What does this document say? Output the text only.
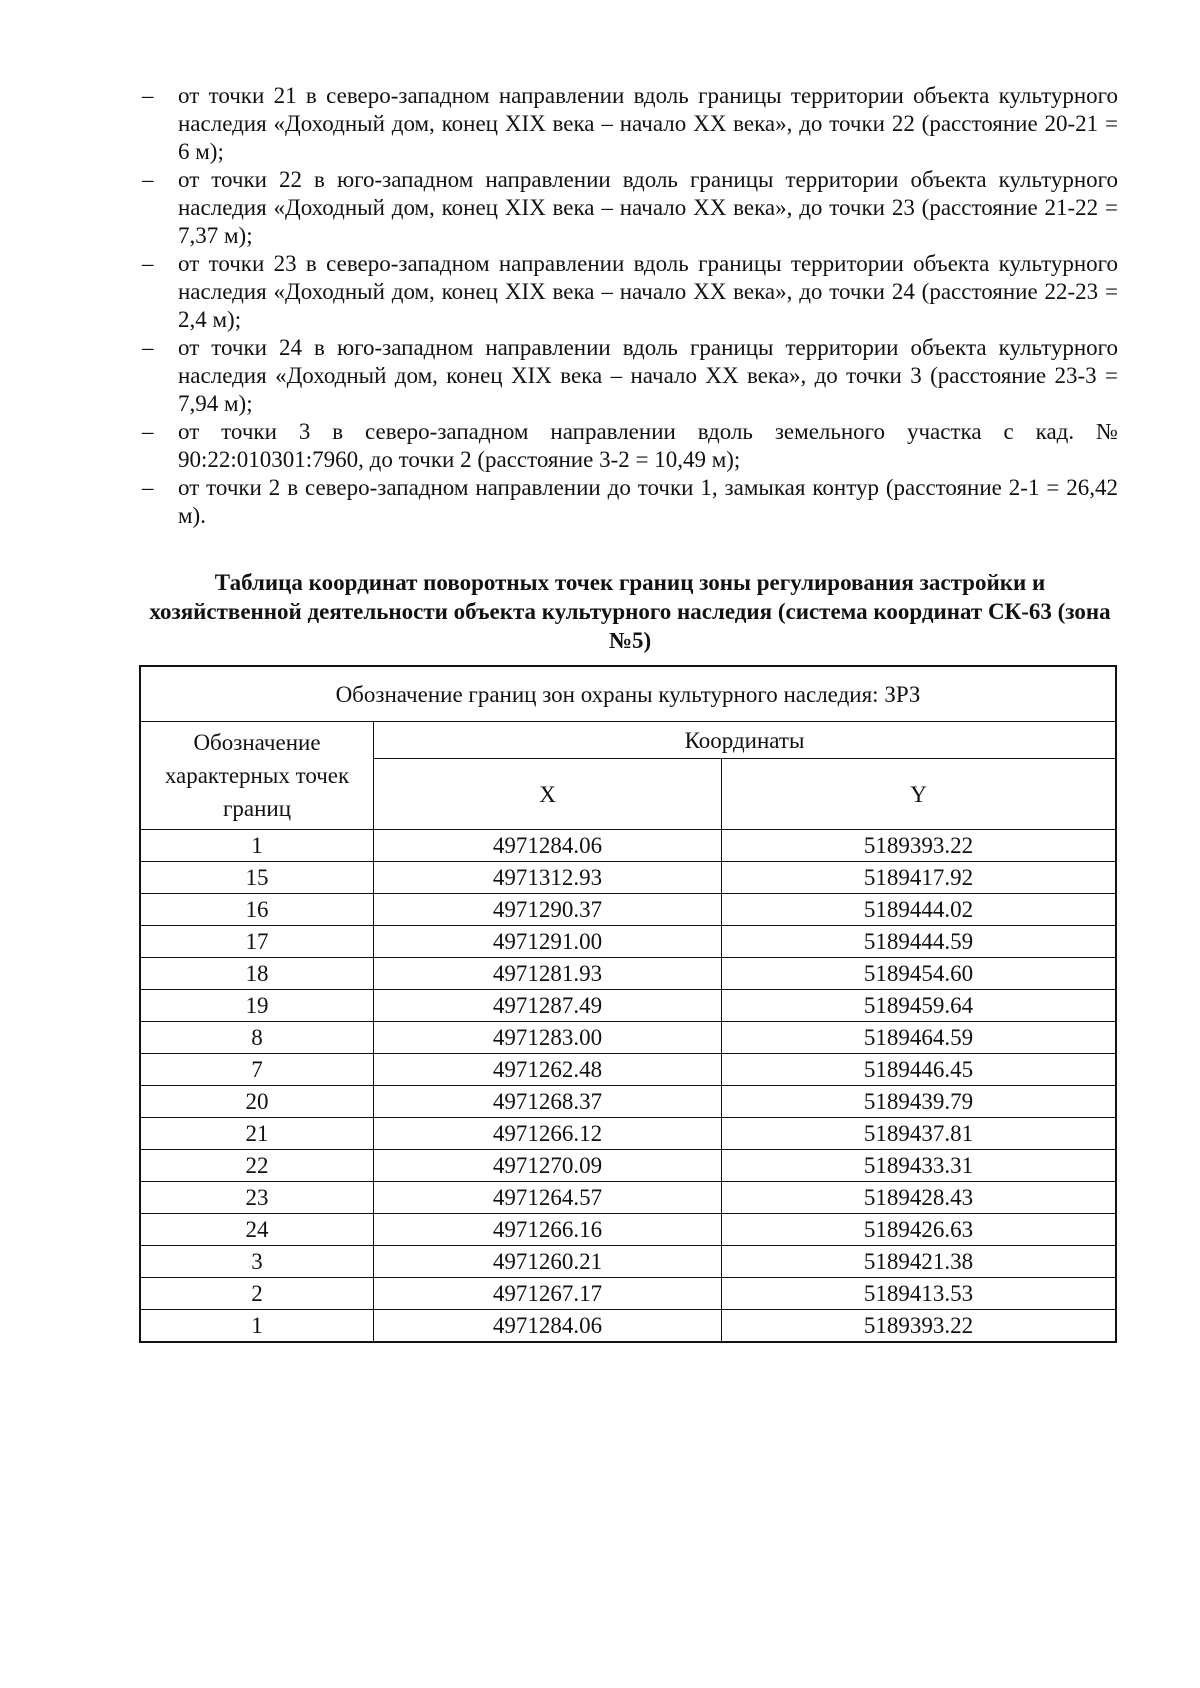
– от точки 21 в северо-западном направлении вдоль границы территории объекта культурного наследия «Доходный дом, конец XIX века – начало XX века», до точки 22 (расстояние 20-21 = 6 м);
– от точки 22 в юго-западном направлении вдоль границы территории объекта культурного наследия «Доходный дом, конец XIX века – начало XX века», до точки 23 (расстояние 21-22 = 7,37 м);
– от точки 23 в северо-западном направлении вдоль границы территории объекта культурного наследия «Доходный дом, конец XIX века – начало XX века», до точки 24 (расстояние 22-23 = 2,4 м);
– от точки 24 в юго-западном направлении вдоль границы территории объекта культурного наследия «Доходный дом, конец XIX века – начало XX века», до точки 3 (расстояние 23-3 = 7,94 м);
– от точки 3 в северо-западном направлении вдоль земельного участка с кад. № 90:22:010301:7960, до точки 2 (расстояние 3-2 = 10,49 м);
– от точки 2 в северо-западном направлении до точки 1, замыкая контур (расстояние 2-1 = 26,42 м).
Таблица координат поворотных точек границ зоны регулирования застройки и хозяйственной деятельности объекта культурного наследия (система координат СК-63 (зона №5)
Обозначение границ зон охраны культурного наследия: ЗРЗ		
Обозначение характерных точек границ	Координаты	
	X	Y
1	4971284.06	5189393.22
15	4971312.93	5189417.92
16	4971290.37	5189444.02
17	4971291.00	5189444.59
18	4971281.93	5189454.60
19	4971287.49	5189459.64
8	4971283.00	5189464.59
7	4971262.48	5189446.45
20	4971268.37	5189439.79
21	4971266.12	5189437.81
22	4971270.09	5189433.31
23	4971264.57	5189428.43
24	4971266.16	5189426.63
3	4971260.21	5189421.38
2	4971267.17	5189413.53
1	4971284.06	5189393.22
